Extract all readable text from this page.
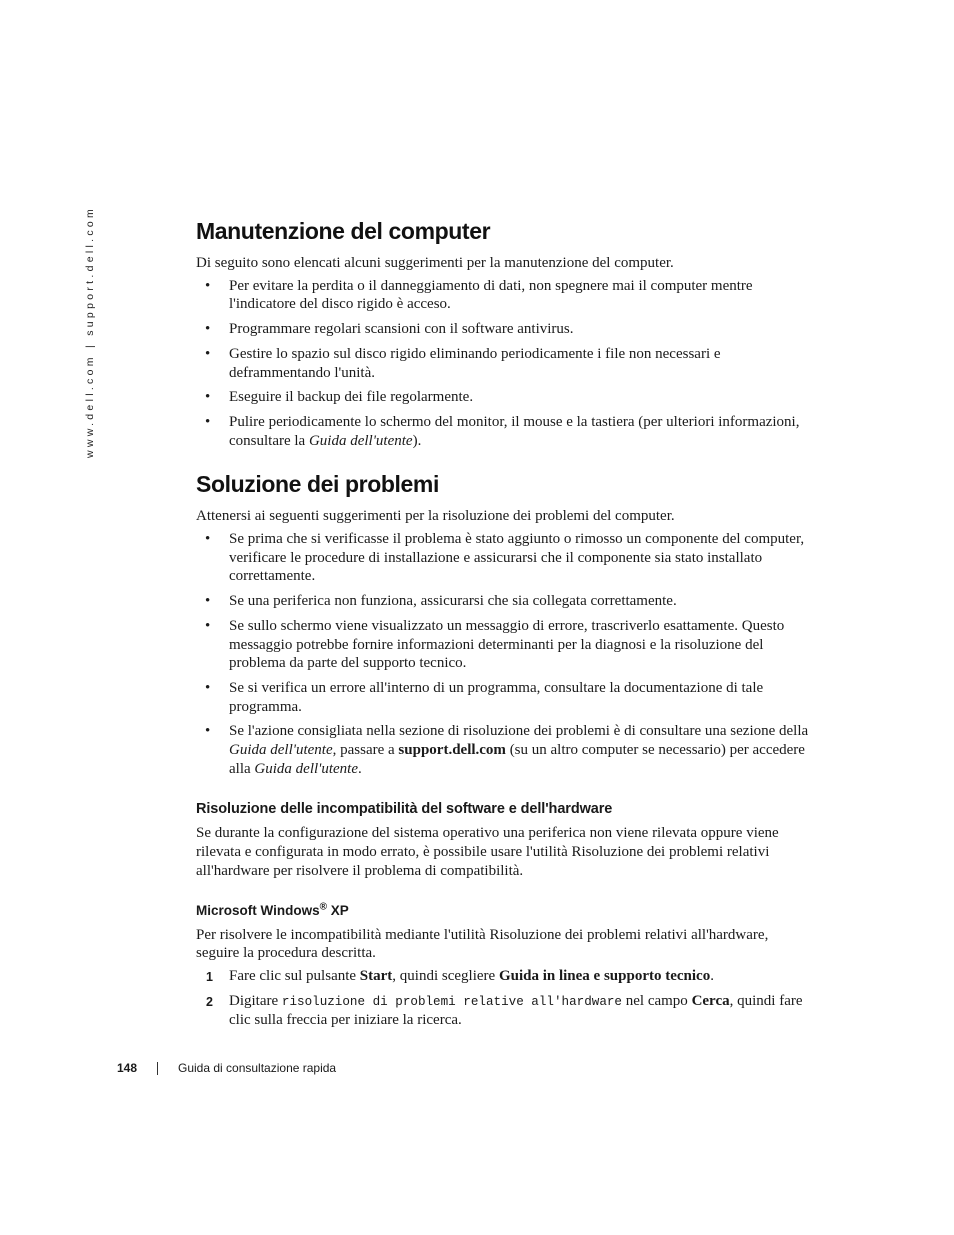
www.dell.com | support.dell.com	Manutenzione del computer

Di seguito sono elencati alcuni suggerimenti per la manutenzione del computer.

• Per evitare la perdita o il danneggiamento di dati, non spegnere mai il computer mentre l'indicatore del disco rigido è acceso.
• Programmare regolari scansioni con il software antivirus.
• Gestire lo spazio sul disco rigido eliminando periodicamente i file non necessari e deframmentando l'unità.
• Eseguire il backup dei file regolarmente.
• Pulire periodicamente lo schermo del monitor, il mouse e la tastiera (per ulteriori informazioni, consultare la Guida dell'utente).
Soluzione dei problemi

Attenersi ai seguenti suggerimenti per la risoluzione dei problemi del computer.

• Se prima che si verificasse il problema è stato aggiunto o rimosso un componente del computer, verificare le procedure di installazione e assicurarsi che il componente sia stato installato correttamente.
• Se una periferica non funziona, assicurarsi che sia collegata correttamente.
• Se sullo schermo viene visualizzato un messaggio di errore, trascriverlo esattamente. Questo messaggio potrebbe fornire informazioni determinanti per la diagnosi e la risoluzione del problema da parte del supporto tecnico.
• Se si verifica un errore all'interno di un programma, consultare la documentazione di tale programma.
• Se l'azione consigliata nella sezione di risoluzione dei problemi è di consultare una sezione della Guida dell'utente, passare a support.dell.com (su un altro computer se necessario) per accedere alla Guida dell'utente.
Risoluzione delle incompatibilità del software e dell'hardware

Se durante la configurazione del sistema operativo una periferica non viene rilevata oppure viene rilevata e configurata in modo errato, è possibile usare l'utilità Risoluzione dei problemi relativi all'hardware per risolvere il problema di compatibilità.

Microsoft Windows® XP

Per risolvere le incompatibilità mediante l'utilità Risoluzione dei problemi relativi all'hardware, seguire la procedura descritta.

1 Fare clic sul pulsante Start, quindi scegliere Guida in linea e supporto tecnico.
2 Digitare risoluzione di problemi relative all'hardware nel campo Cerca, quindi fare clic sulla freccia per iniziare la ricerca.
148	Guida di consultazione rapida
